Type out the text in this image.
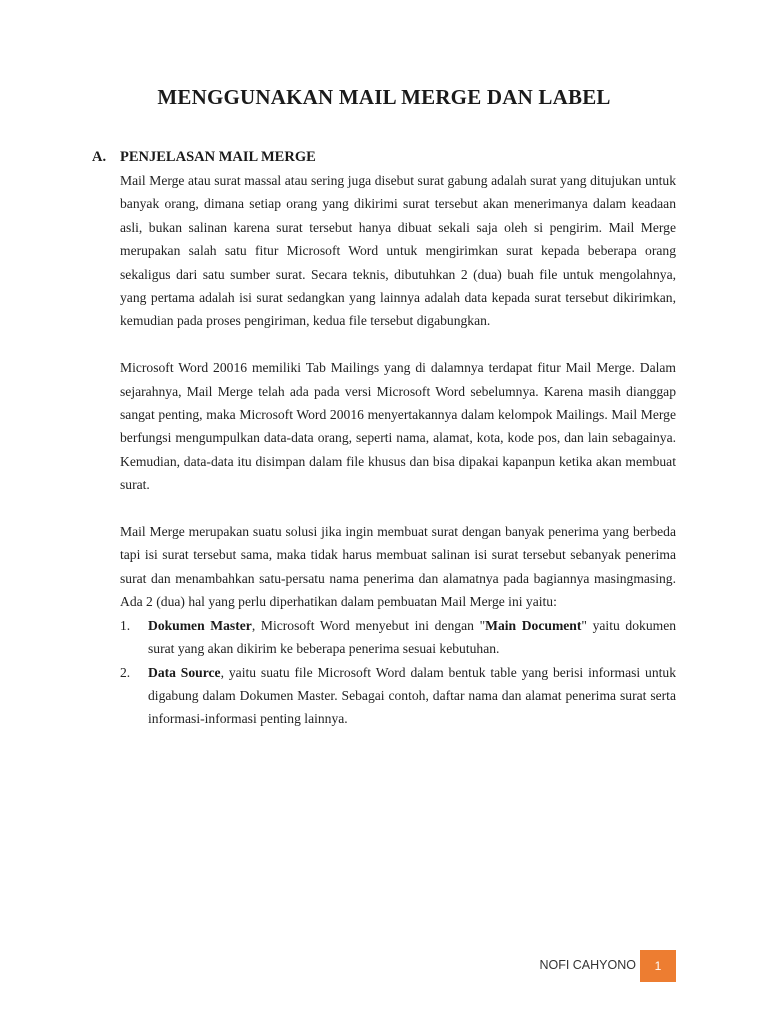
MENGGUNAKAN MAIL MERGE DAN LABEL
A. PENJELASAN MAIL MERGE

Mail Merge atau surat massal atau sering juga disebut surat gabung adalah surat yang ditujukan untuk banyak orang, dimana setiap orang yang dikirimi surat tersebut akan menerimanya dalam keadaan asli, bukan salinan karena surat tersebut hanya dibuat sekali saja oleh si pengirim. Mail Merge merupakan salah satu fitur Microsoft Word untuk mengirimkan surat kepada beberapa orang sekaligus dari satu sumber surat. Secara teknis, dibutuhkan 2 (dua) buah file untuk mengolahnya, yang pertama adalah isi surat sedangkan yang lainnya adalah data kepada surat tersebut dikirimkan, kemudian pada proses pengiriman, kedua file tersebut digabungkan.

Microsoft Word 20016 memiliki Tab Mailings yang di dalamnya terdapat fitur Mail Merge. Dalam sejarahnya, Mail Merge telah ada pada versi Microsoft Word sebelumnya. Karena masih dianggap sangat penting, maka Microsoft Word 20016 menyertakannya dalam kelompok Mailings. Mail Merge berfungsi mengumpulkan data-data orang, seperti nama, alamat, kota, kode pos, dan lain sebagainya. Kemudian, data-data itu disimpan dalam file khusus dan bisa dipakai kapanpun ketika akan membuat surat.

Mail Merge merupakan suatu solusi jika ingin membuat surat dengan banyak penerima yang berbeda tapi isi surat tersebut sama, maka tidak harus membuat salinan isi surat tersebut sebanyak penerima surat dan menambahkan satu-persatu nama penerima dan alamatnya pada bagiannya masingmasing. Ada 2 (dua) hal yang perlu diperhatikan dalam pembuatan Mail Merge ini yaitu:

1. Dokumen Master, Microsoft Word menyebut ini dengan "Main Document" yaitu dokumen surat yang akan dikirim ke beberapa penerima sesuai kebutuhan.
2. Data Source, yaitu suatu file Microsoft Word dalam bentuk table yang berisi informasi untuk digabung dalam Dokumen Master. Sebagai contoh, daftar nama dan alamat penerima surat serta informasi-informasi penting lainnya.
NOFI CAHYONO	1
